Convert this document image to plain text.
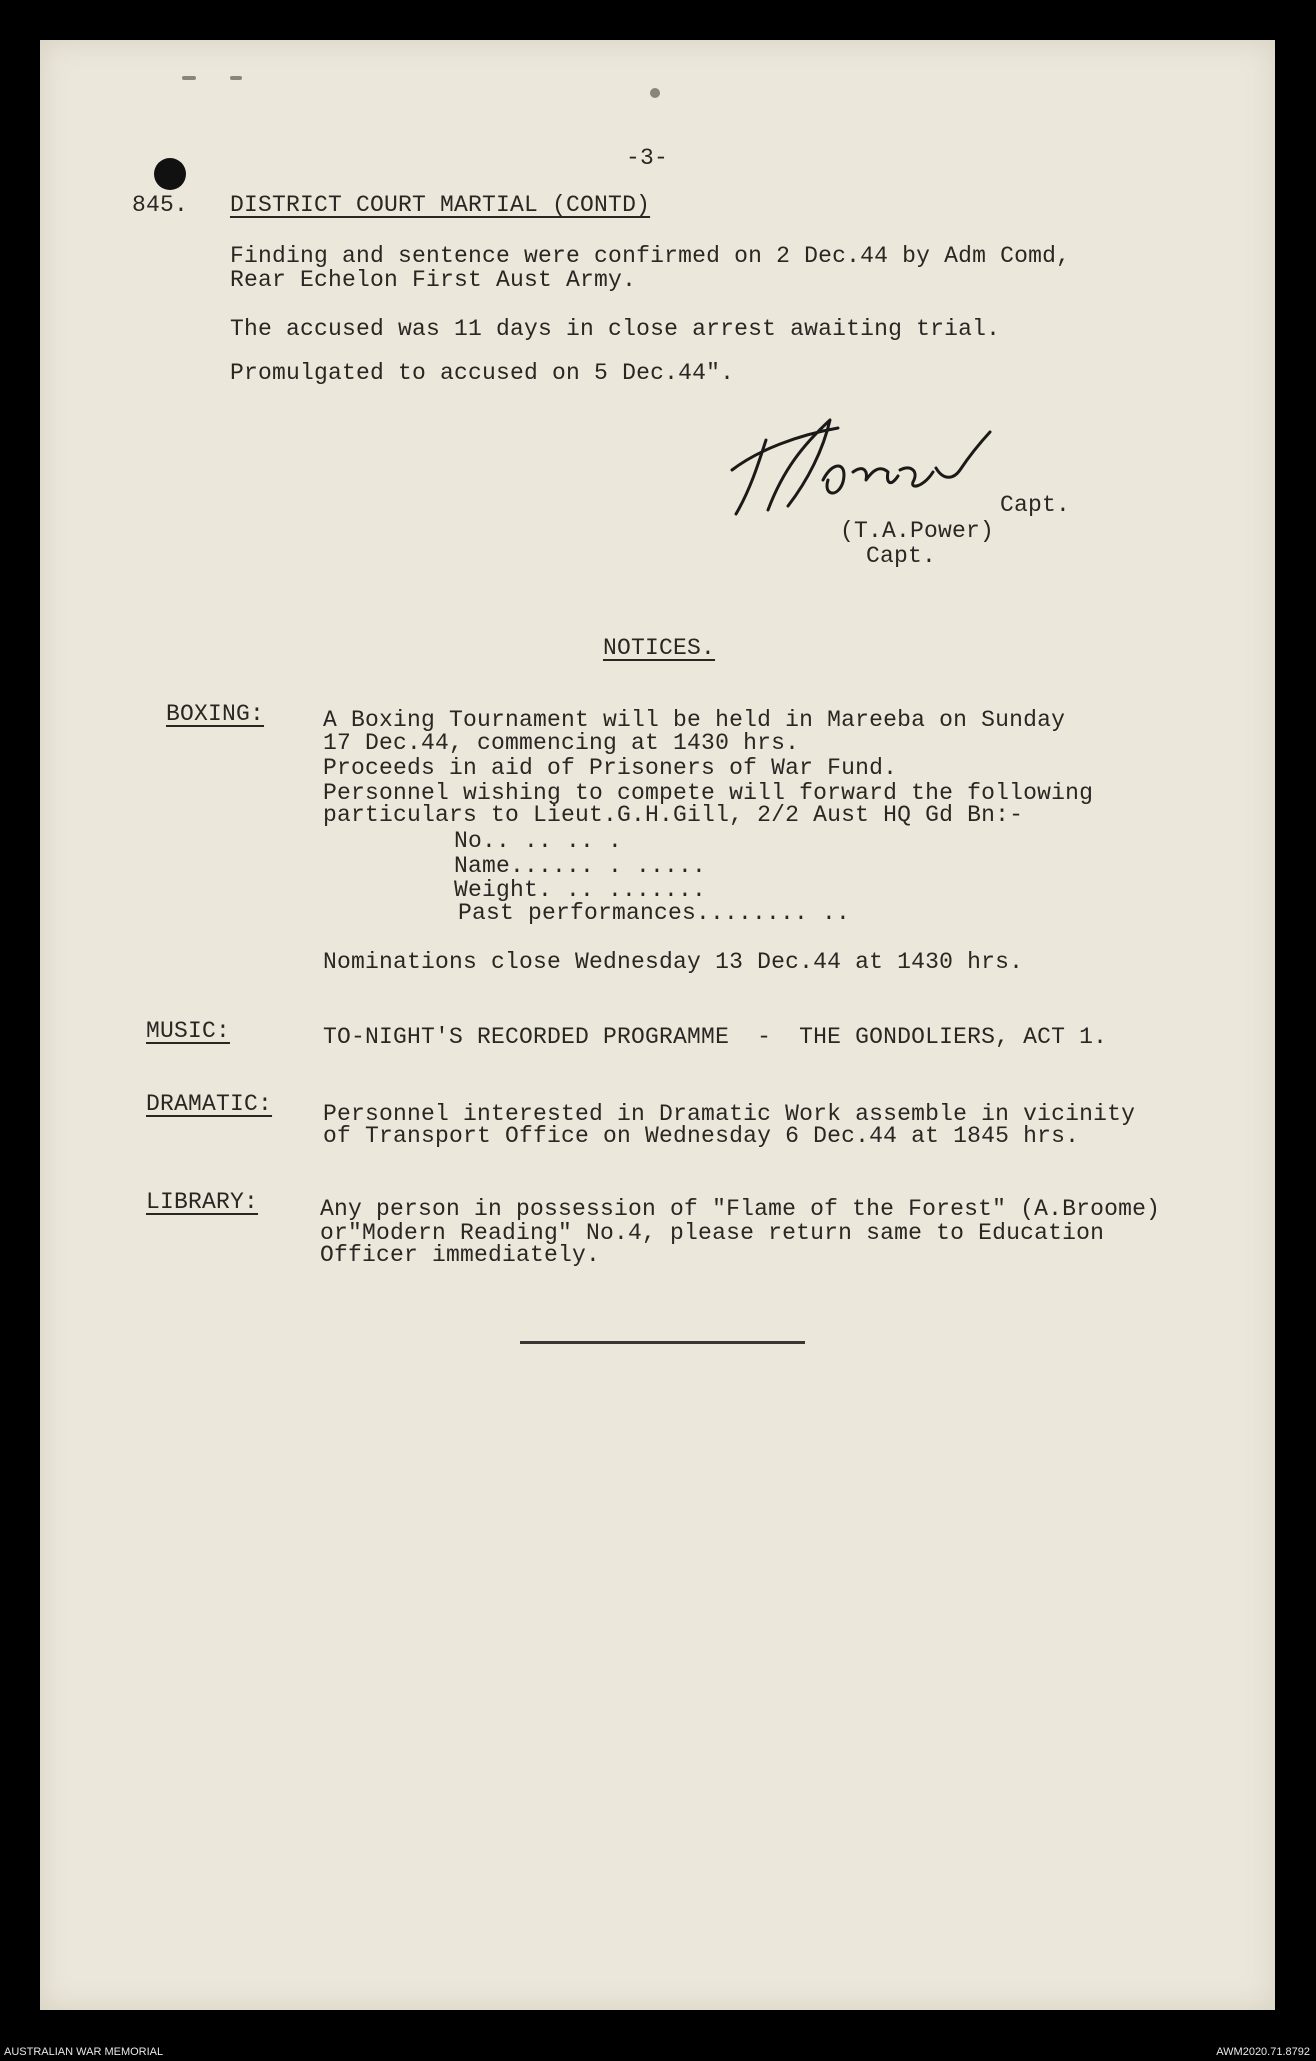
-3-
845. DISTRICT COURT MARTIAL (CONTD)
Finding and sentence were confirmed on 2 Dec.44 by Adm Comd,
Rear Echelon First Aust Army.
The accused was 11 days in close arrest awaiting trial.
Promulgated to accused on 5 Dec.44".
Capt.
(T.A.Power)
Capt.
NOTICES.
BOXING:	A Boxing Tournament will be held in Mareeba on Sunday
17 Dec.44, commencing at 1430 hrs.
Proceeds in aid of Prisoners of War Fund.
Personnel wishing to compete will forward the following
particulars to Lieut.G.H.Gill, 2/2 Aust HQ Gd Bn:-
No.. .. .. .
Name...... . .....
Weight. .. .......
Past performances........ ..
Nominations close Wednesday 13 Dec.44 at 1430 hrs.
MUSIC:	TO-NIGHT'S RECORDED PROGRAMME  -  THE GONDOLIERS, ACT 1.
DRAMATIC: Personnel interested in Dramatic Work assemble in vicinity
of Transport Office on Wednesday 6 Dec.44 at 1845 hrs.
LIBRARY:	Any person in possession of "Flame of the Forest" (A.Broome)
or"Modern Reading" No.4, please return same to Education
Officer immediately.
AUSTRALIAN WAR MEMORIAL	AWM2020.71.8792
